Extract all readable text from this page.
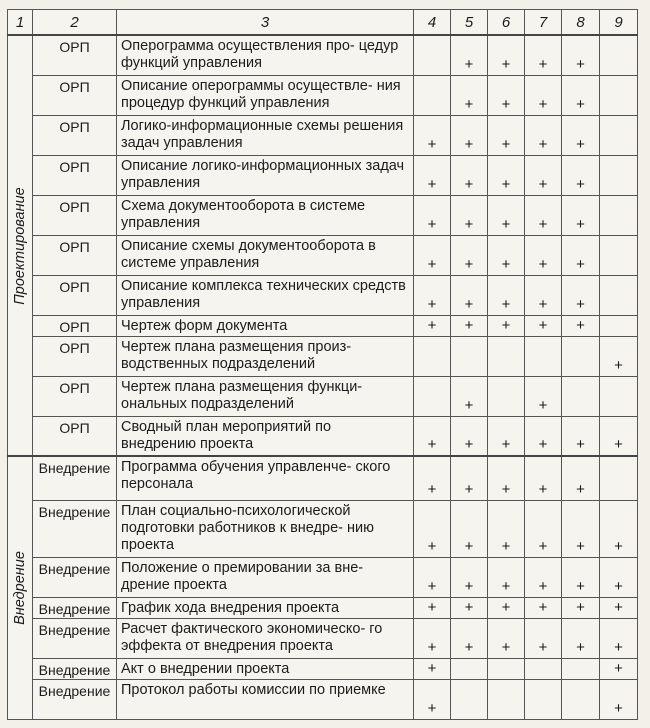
1	2	3	4	5	6	7	8	9

Проектирование	ОРП	Оперограмма осуществления про- цедур функций управления		+	+	+	+	
	ОРП	Описание оперограммы осуществле- ния процедур функций управления		+	+	+	+	
	ОРП	Логико-информационные схемы решения задач управления	+	+	+	+	+	
	ОРП	Описание логико-информационных задач управления	+	+	+	+	+	
	ОРП	Схема документооборота в системе управления	+	+	+	+	+	
	ОРП	Описание схемы документооборота в системе управления	+	+	+	+	+	
	ОРП	Описание комплекса технических средств управления	+	+	+	+	+	
	ОРП	Чертеж форм документа	+	+	+	+	+	
	ОРП	Чертеж плана размещения произ- водственных подразделений						+
	ОРП	Чертеж плана размещения функци- ональных подразделений		+		+		
	ОРП	Сводный план мероприятий по внедрению проекта	+	+	+	+	+	+

Внедрение	Внедрение	Программа обучения управленче- ского персонала	+	+	+	+	+	
	Внедрение	План социально-психологической подготовки работников к внедре- нию проекта	+	+	+	+	+	+
	Внедрение	Положение о премировании за вне- дрение проекта	+	+	+	+	+	+
	Внедрение	График хода внедрения проекта	+	+	+	+	+	+
	Внедрение	Расчет фактического экономическо- го эффекта от внедрения проекта	+	+	+	+	+	+
	Внедрение	Акт о внедрении проекта	+					+
	Внедрение	Протокол работы комиссии по приемке	+					+
